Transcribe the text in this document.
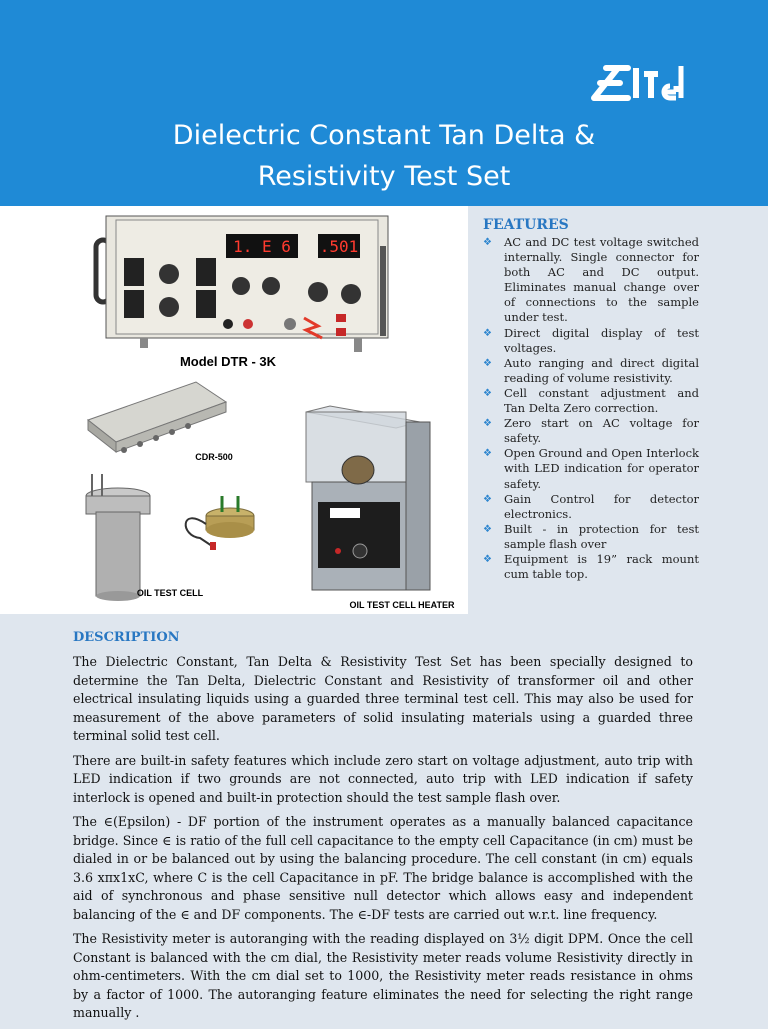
Dielectric Constant Tan Delta &
Resistivity Test Set
1. E 6 .501
Model DTR - 3K
CDR-500
OIL TEST CELL
OIL TEST CELL HEATER
FEATURES
❖ AC and DC test voltage switched internally. Single connector for both AC and DC output. Eliminates manual change over of connections to the sample under test.
❖ Direct digital display of test voltages.
❖ Auto ranging and direct digital reading of volume resistivity.
❖ Cell constant adjustment and Tan Delta Zero correction.
❖ Zero start on AC voltage for safety.
❖ Open Ground and Open Interlock with LED indication for operator safety.
❖ Gain Control for detector electronics.
❖ Built - in protection for test sample flash over
❖ Equipment is 19” rack mount cum table top.
DESCRIPTION

The Dielectric Constant, Tan Delta & Resistivity Test Set has been specially designed to determine the Tan Delta, Dielectric Constant and Resistivity of transformer oil and other electrical insulating liquids using a guarded three terminal test cell. This may also be used for measurement of the above parameters of solid insulating materials using a guarded three terminal solid test cell.

There are built-in safety features which include zero start on voltage adjustment, auto trip with LED indication if two grounds are not connected, auto trip with LED indication if safety interlock is opened and built-in protection should the test sample flash over.

The ∈(Epsilon) - DF portion of the instrument operates as a manually balanced capacitance bridge. Since ∈ is ratio of the full cell capacitance to the empty cell Capacitance (in cm) must be dialed in or be balanced out by using the balancing procedure. The cell constant (in cm) equals 3.6 xπx1xC, where C is the cell Capacitance in pF. The bridge balance is accomplished with the aid of synchronous and phase sensitive null detector which allows easy and independent balancing of the ∈ and DF components. The ∈-DF tests are carried out w.r.t. line frequency.

The Resistivity meter is autoranging with the reading displayed on 3½ digit DPM. Once the cell Constant is balanced with the cm dial, the Resistivity meter reads volume Resistivity directly in ohm-centimeters. With the cm dial set to 1000, the Resistivity meter reads resistance in ohms by a factor of 1000. The autoranging feature eliminates the need for selecting the right range manually .
